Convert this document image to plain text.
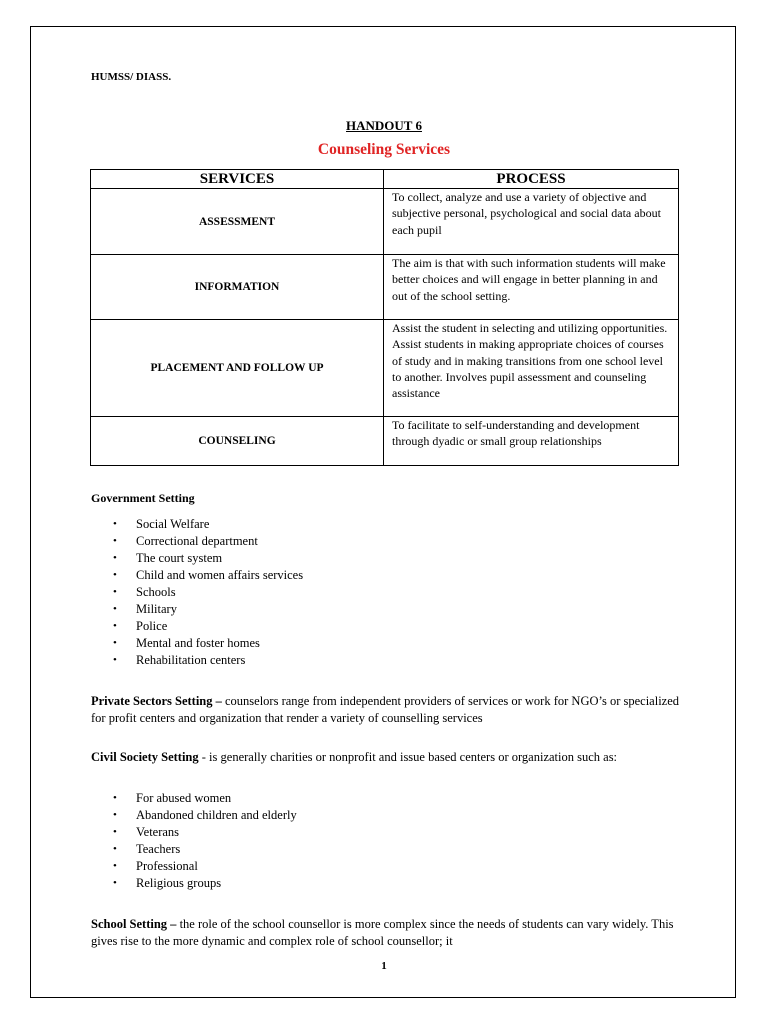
HUMSS/ DIASS.
HANDOUT 6
Counseling Services
SERVICES	PROCESS
ASSESSMENT	To collect, analyze and use a variety of objective and subjective personal, psychological and social data about each pupil
INFORMATION	The aim is that with such information students will make better choices and will engage in better planning in and out of the school setting.
PLACEMENT AND FOLLOW UP	Assist the student in selecting and utilizing opportunities. Assist students in making appropriate choices of courses of study and in making transitions from one school level to another. Involves pupil assessment and counseling assistance
COUNSELING	To facilitate to self-understanding and development through dyadic or small group relationships
Government Setting
• Social Welfare
• Correctional department
• The court system
• Child and women affairs services
• Schools
• Military
• Police
• Mental and foster homes
• Rehabilitation centers
Private Sectors Setting – counselors range from independent providers of services or work for NGO’s or specialized for profit centers and organization that render a variety of counselling services
Civil Society Setting - is generally charities or nonprofit and issue based centers or organization such as:
• For abused women
• Abandoned children and elderly
• Veterans
• Teachers
• Professional
• Religious groups
School Setting – the role of the school counsellor is more complex since the needs of students can vary widely. This gives rise to the more dynamic and complex role of school counsellor; it
1
